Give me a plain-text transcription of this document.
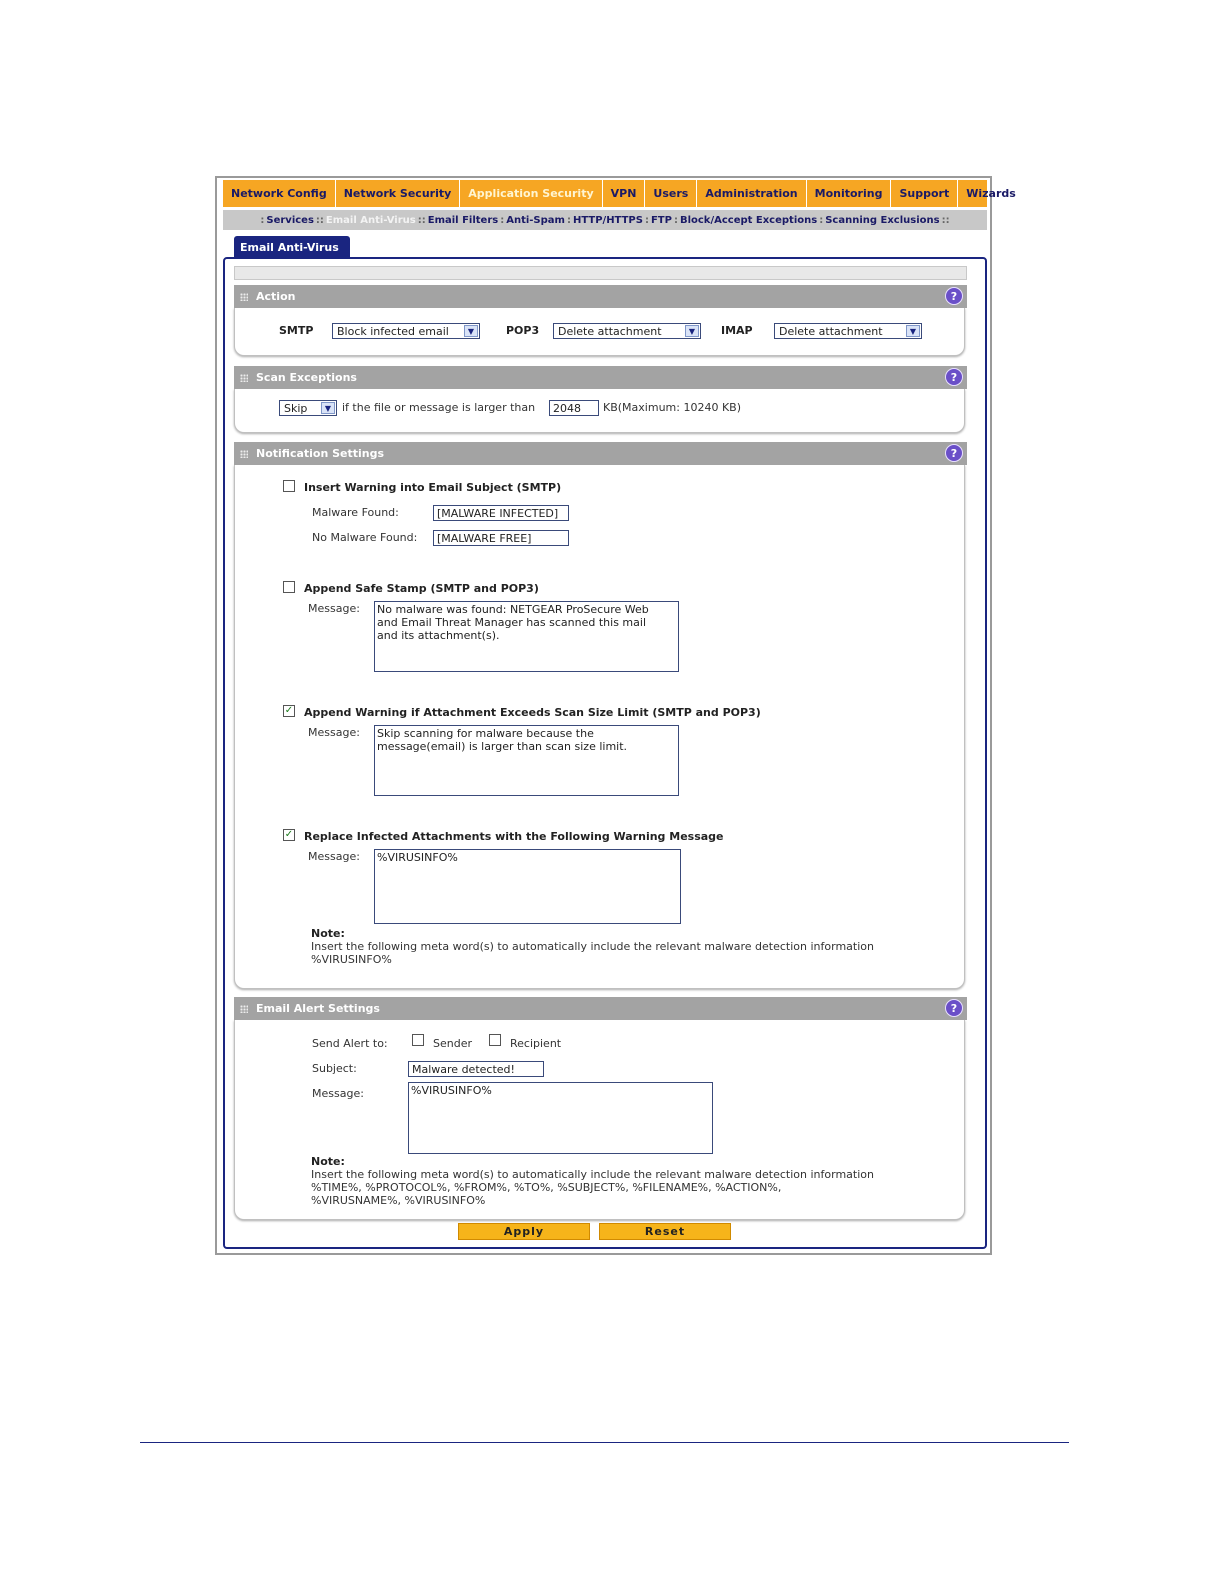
Network Config	Network Security	Application Security	VPN	Users	Administration	Monitoring	Support	Wizards
: Services :: Email Anti-Virus :: Email Filters : Anti-Spam : HTTP/HTTPS : FTP : Block/Accept Exceptions : Scanning Exclusions ::
Email Anti-Virus
Action	?
SMTP Block infected email	▼	POP3 Delete attachment	▼	IMAP Delete attachment	▼
Scan Exceptions	?
Skip	▼ if the file or message is larger than	2048	KB(Maximum: 10240 KB)
Notification Settings	?
Insert Warning into Email Subject (SMTP)
Malware Found:	[MALWARE INFECTED]
No Malware Found:	[MALWARE FREE]
Append Safe Stamp (SMTP and POP3)
Message: No malware was found: NETGEAR ProSecure Web
and Email Threat Manager has scanned this mail
and its attachment(s).
✓ Append Warning if Attachment Exceeds Scan Size Limit (SMTP and POP3)
Message: Skip scanning for malware because the
message(email) is larger than scan size limit.
✓ Replace Infected Attachments with the Following Warning Message
Message: %VIRUSINFO%
Note:
Insert the following meta word(s) to automatically include the relevant malware detection information
%VIRUSINFO%
Email Alert Settings	?
Send Alert to:	Sender	Recipient
Subject:	Malware detected!
Message:	%VIRUSINFO%
Note:
Insert the following meta word(s) to automatically include the relevant malware detection information
%TIME%, %PROTOCOL%, %FROM%, %TO%, %SUBJECT%, %FILENAME%, %ACTION%,
%VIRUSNAME%, %VIRUSINFO%
Apply	Reset
